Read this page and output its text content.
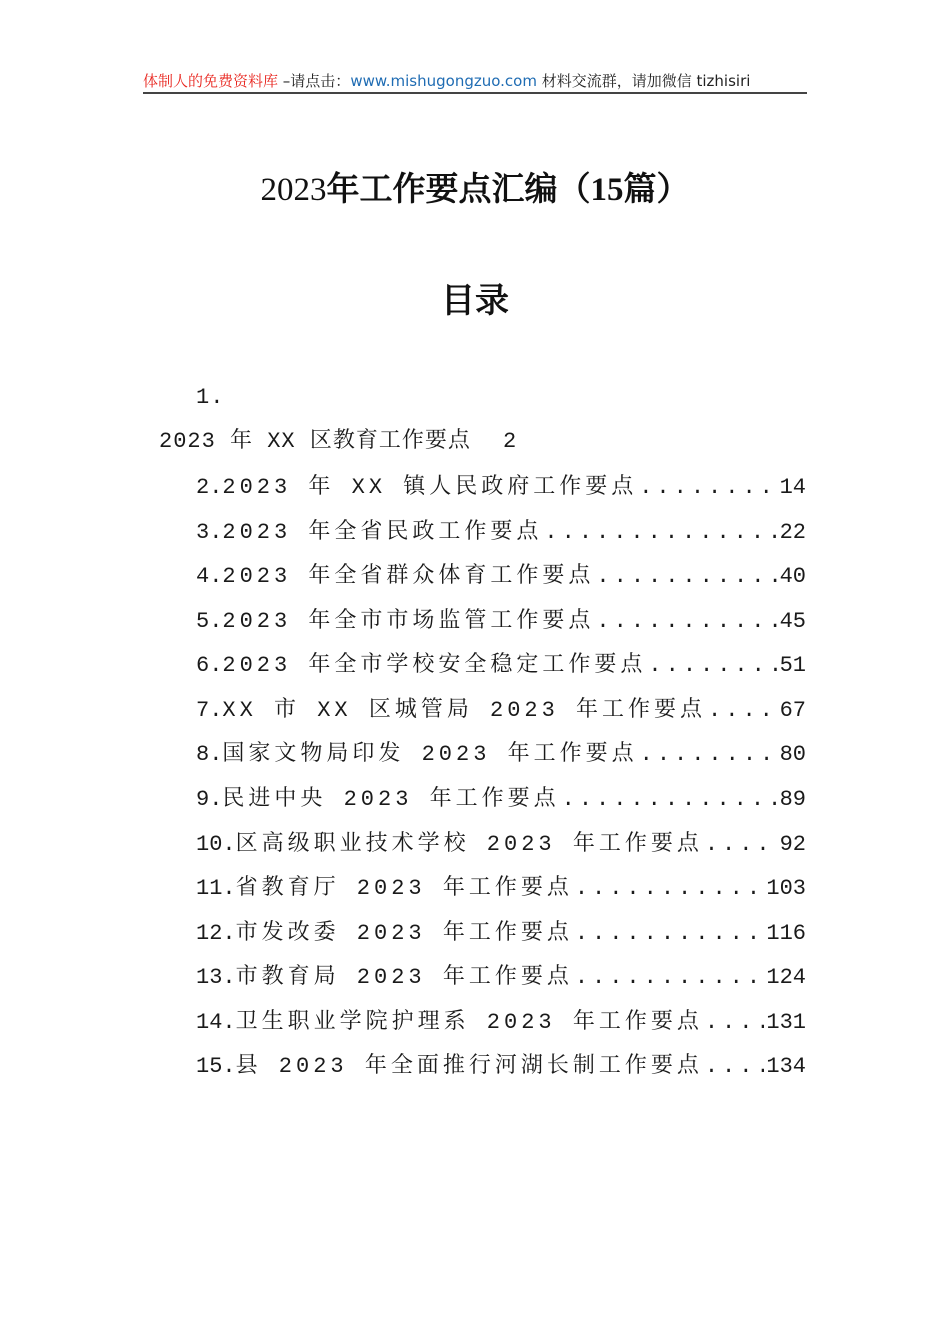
体制人的免费资料库 –请点击：www.mishugongzuo.com 材料交流群，请加微信 tizhisiri
2023年工作要点汇编（15篇）
目录
1.
2023 年 XX 区教育工作要点 2
2. 2023 年 XX 镇人民政府工作要点 .....	14
3. 2023 年全省民政工作要点 .....	22
4. 2023 年全省群众体育工作要点 .....	40
5. 2023 年全市市场监管工作要点 .....	45
6. 2023 年全市学校安全稳定工作要点 .....	51
7. XX 市 XX 区城管局 2023 年工作要点 .....	67
8. 国家文物局印发 2023 年工作要点 .....	80
9. 民进中央 2023 年工作要点 .....	89
10. 区高级职业技术学校 2023 年工作要点 .....	92
11. 省教育厅 2023 年工作要点 .....	103
12. 市发改委 2023 年工作要点 .....	116
13. 市教育局 2023 年工作要点 .....	124
14. 卫生职业学院护理系 2023 年工作要点 .....	131
15. 县 2023 年全面推行河湖长制工作要点 .....	134
